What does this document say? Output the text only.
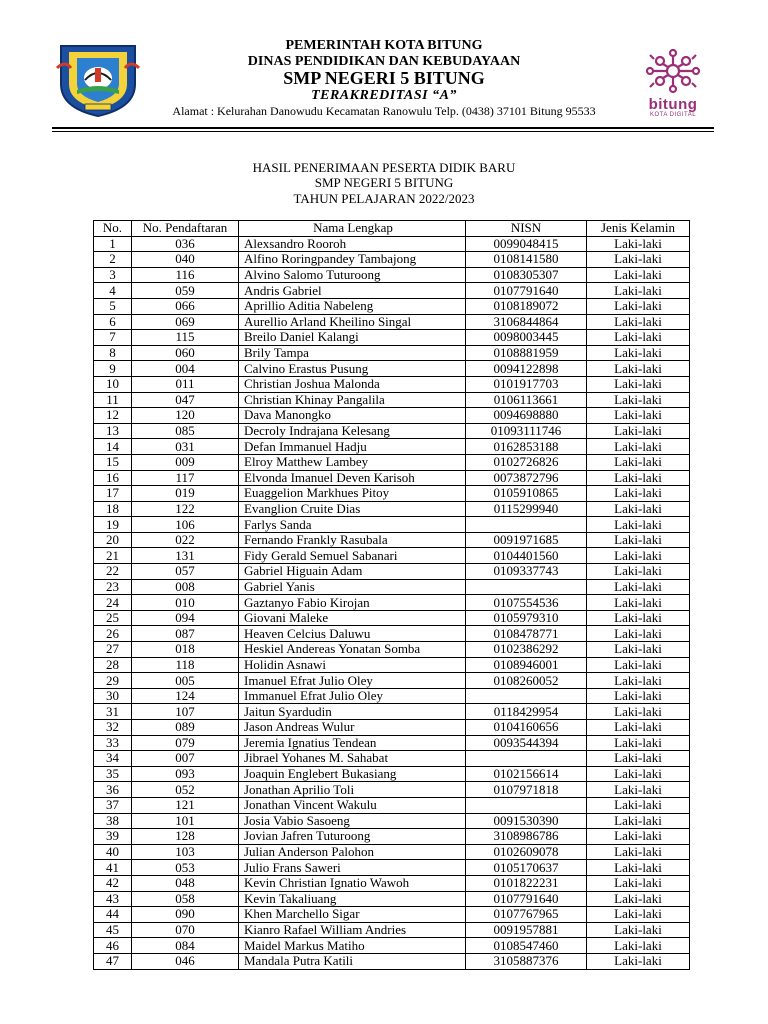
PEMERINTAH KOTA BITUNG
DINAS PENDIDIKAN DAN KEBUDAYAAN
SMP NEGERI 5 BITUNG
TERAKREDITASI “A”
Alamat : Kelurahan Danowudu Kecamatan Ranowulu Telp. (0438) 37101 Bitung 95533	bitung
KOTA DIGITAL
HASIL PENERIMAAN PESERTA DIDIK BARU
SMP NEGERI 5 BITUNG
TAHUN PELAJARAN 2022/2023
No.	No. Pendaftaran	Nama Lengkap	NISN	Jenis Kelamin
1	036	Alexsandro Rooroh	0099048415	Laki-laki
2	040	Alfino Roringpandey Tambajong	0108141580	Laki-laki
3	116	Alvino Salomo Tuturoong	0108305307	Laki-laki
4	059	Andris Gabriel	0107791640	Laki-laki
5	066	Aprillio Aditia Nabeleng	0108189072	Laki-laki
6	069	Aurellio Arland Kheilino Singal	3106844864	Laki-laki
7	115	Breilo Daniel Kalangi	0098003445	Laki-laki
8	060	Brily Tampa	0108881959	Laki-laki
9	004	Calvino Erastus Pusung	0094122898	Laki-laki
10	011	Christian Joshua Malonda	0101917703	Laki-laki
11	047	Christian Khinay Pangalila	0106113661	Laki-laki
12	120	Dava Manongko	0094698880	Laki-laki
13	085	Decroly Indrajana Kelesang	01093111746	Laki-laki
14	031	Defan Immanuel Hadju	0162853188	Laki-laki
15	009	Elroy Matthew Lambey	0102726826	Laki-laki
16	117	Elvonda Imanuel Deven Karisoh	0073872796	Laki-laki
17	019	Euaggelion Markhues Pitoy	0105910865	Laki-laki
18	122	Evanglion Cruite Dias	0115299940	Laki-laki
19	106	Farlys Sanda		Laki-laki
20	022	Fernando Frankly Rasubala	0091971685	Laki-laki
21	131	Fidy Gerald Semuel Sabanari	0104401560	Laki-laki
22	057	Gabriel Higuain Adam	0109337743	Laki-laki
23	008	Gabriel Yanis		Laki-laki
24	010	Gaztanyo Fabio Kirojan	0107554536	Laki-laki
25	094	Giovani Maleke	0105979310	Laki-laki
26	087	Heaven Celcius Daluwu	0108478771	Laki-laki
27	018	Heskiel Andereas Yonatan Somba	0102386292	Laki-laki
28	118	Holidin Asnawi	0108946001	Laki-laki
29	005	Imanuel Efrat Julio Oley	0108260052	Laki-laki
30	124	Immanuel Efrat Julio Oley		Laki-laki
31	107	Jaitun Syardudin	0118429954	Laki-laki
32	089	Jason Andreas Wulur	0104160656	Laki-laki
33	079	Jeremia Ignatius Tendean	0093544394	Laki-laki
34	007	Jibrael Yohanes M. Sahabat		Laki-laki
35	093	Joaquin Englebert Bukasiang	0102156614	Laki-laki
36	052	Jonathan Aprilio Toli	0107971818	Laki-laki
37	121	Jonathan Vincent Wakulu		Laki-laki
38	101	Josia Vabio Sasoeng	0091530390	Laki-laki
39	128	Jovian Jafren Tuturoong	3108986786	Laki-laki
40	103	Julian Anderson Palohon	0102609078	Laki-laki
41	053	Julio Frans Saweri	0105170637	Laki-laki
42	048	Kevin Christian Ignatio Wawoh	0101822231	Laki-laki
43	058	Kevin Takaliuang	0107791640	Laki-laki
44	090	Khen Marchello Sigar	0107767965	Laki-laki
45	070	Kianro Rafael William Andries	0091957881	Laki-laki
46	084	Maidel Markus Matiho	0108547460	Laki-laki
47	046	Mandala Putra Katili	3105887376	Laki-laki
